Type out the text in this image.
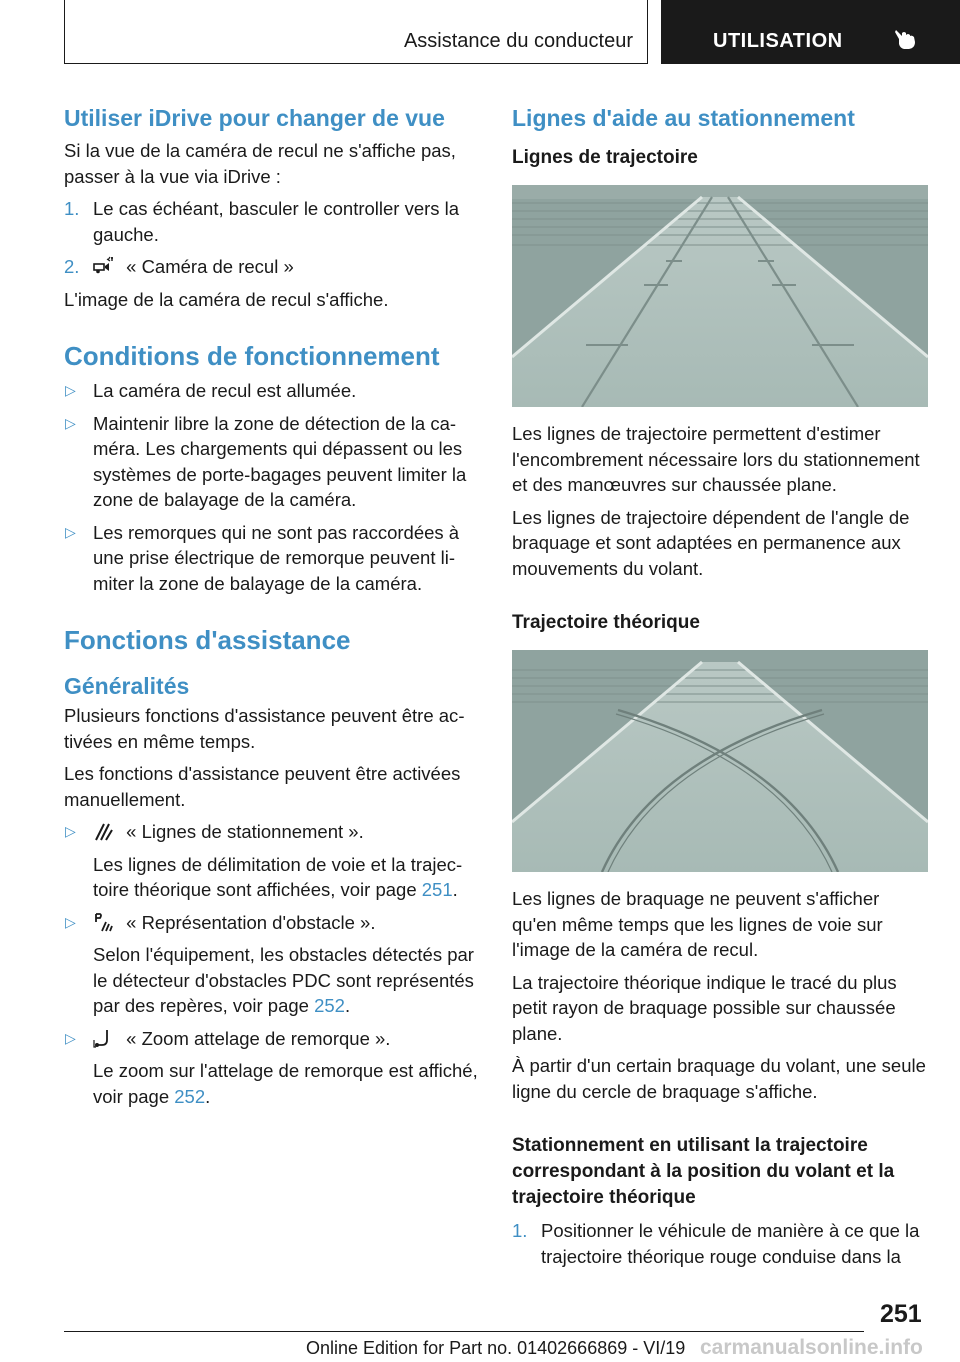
Assistance du conducteur	UTILISATION
Utiliser iDrive pour changer de vue

Si la vue de la caméra de recul ne s'affiche pas, passer à la vue via iDrive :

1. Le cas échéant, basculer le controller vers la gauche.
2.	« Caméra de recul »

L'image de la caméra de recul s'affiche.

Conditions de fonctionnement
▷ La caméra de recul est allumée.
▷ Maintenir libre la zone de détection de la caméra. Les chargements qui dépassent ou les systèmes de porte-bagages peuvent limiter la zone de balayage de la caméra.
▷ Les remorques qui ne sont pas raccordées à une prise électrique de remorque peuvent limiter la zone de balayage de la caméra.
Fonctions d'assistance
Généralités

Plusieurs fonctions d'assistance peuvent être activées en même temps.

Les fonctions d'assistance peuvent être activées manuellement.

▷	« Lignes de stationnement ».
Les lignes de délimitation de voie et la trajectoire théorique sont affichées, voir page 251.
▷	« Représentation d'obstacle ».
Selon l'équipement, les obstacles détectés par le détecteur d'obstacles PDC sont représentés par des repères, voir page 252.
▷	« Zoom attelage de remorque ».
Le zoom sur l'attelage de remorque est affiché, voir page 252.
Lignes d'aide au stationnement
Lignes de trajectoire

Les lignes de trajectoire permettent d'estimer l'encombrement nécessaire lors du stationnement et des manœuvres sur chaussée plane.

Les lignes de trajectoire dépendent de l'angle de braquage et sont adaptées en permanence aux mouvements du volant.

Trajectoire théorique

Les lignes de braquage ne peuvent s'afficher qu'en même temps que les lignes de voie sur l'image de la caméra de recul.

La trajectoire théorique indique le tracé du plus petit rayon de braquage possible sur chaussée plane.

À partir d'un certain braquage du volant, une seule ligne du cercle de braquage s'affiche.

Stationnement en utilisant la trajectoire correspondant à la position du volant et la trajectoire théorique
1. Positionner le véhicule de manière à ce que la trajectoire théorique rouge conduise dans la
251
Online Edition for Part no. 01402666869 - VI/19 carmanualsonline.info
